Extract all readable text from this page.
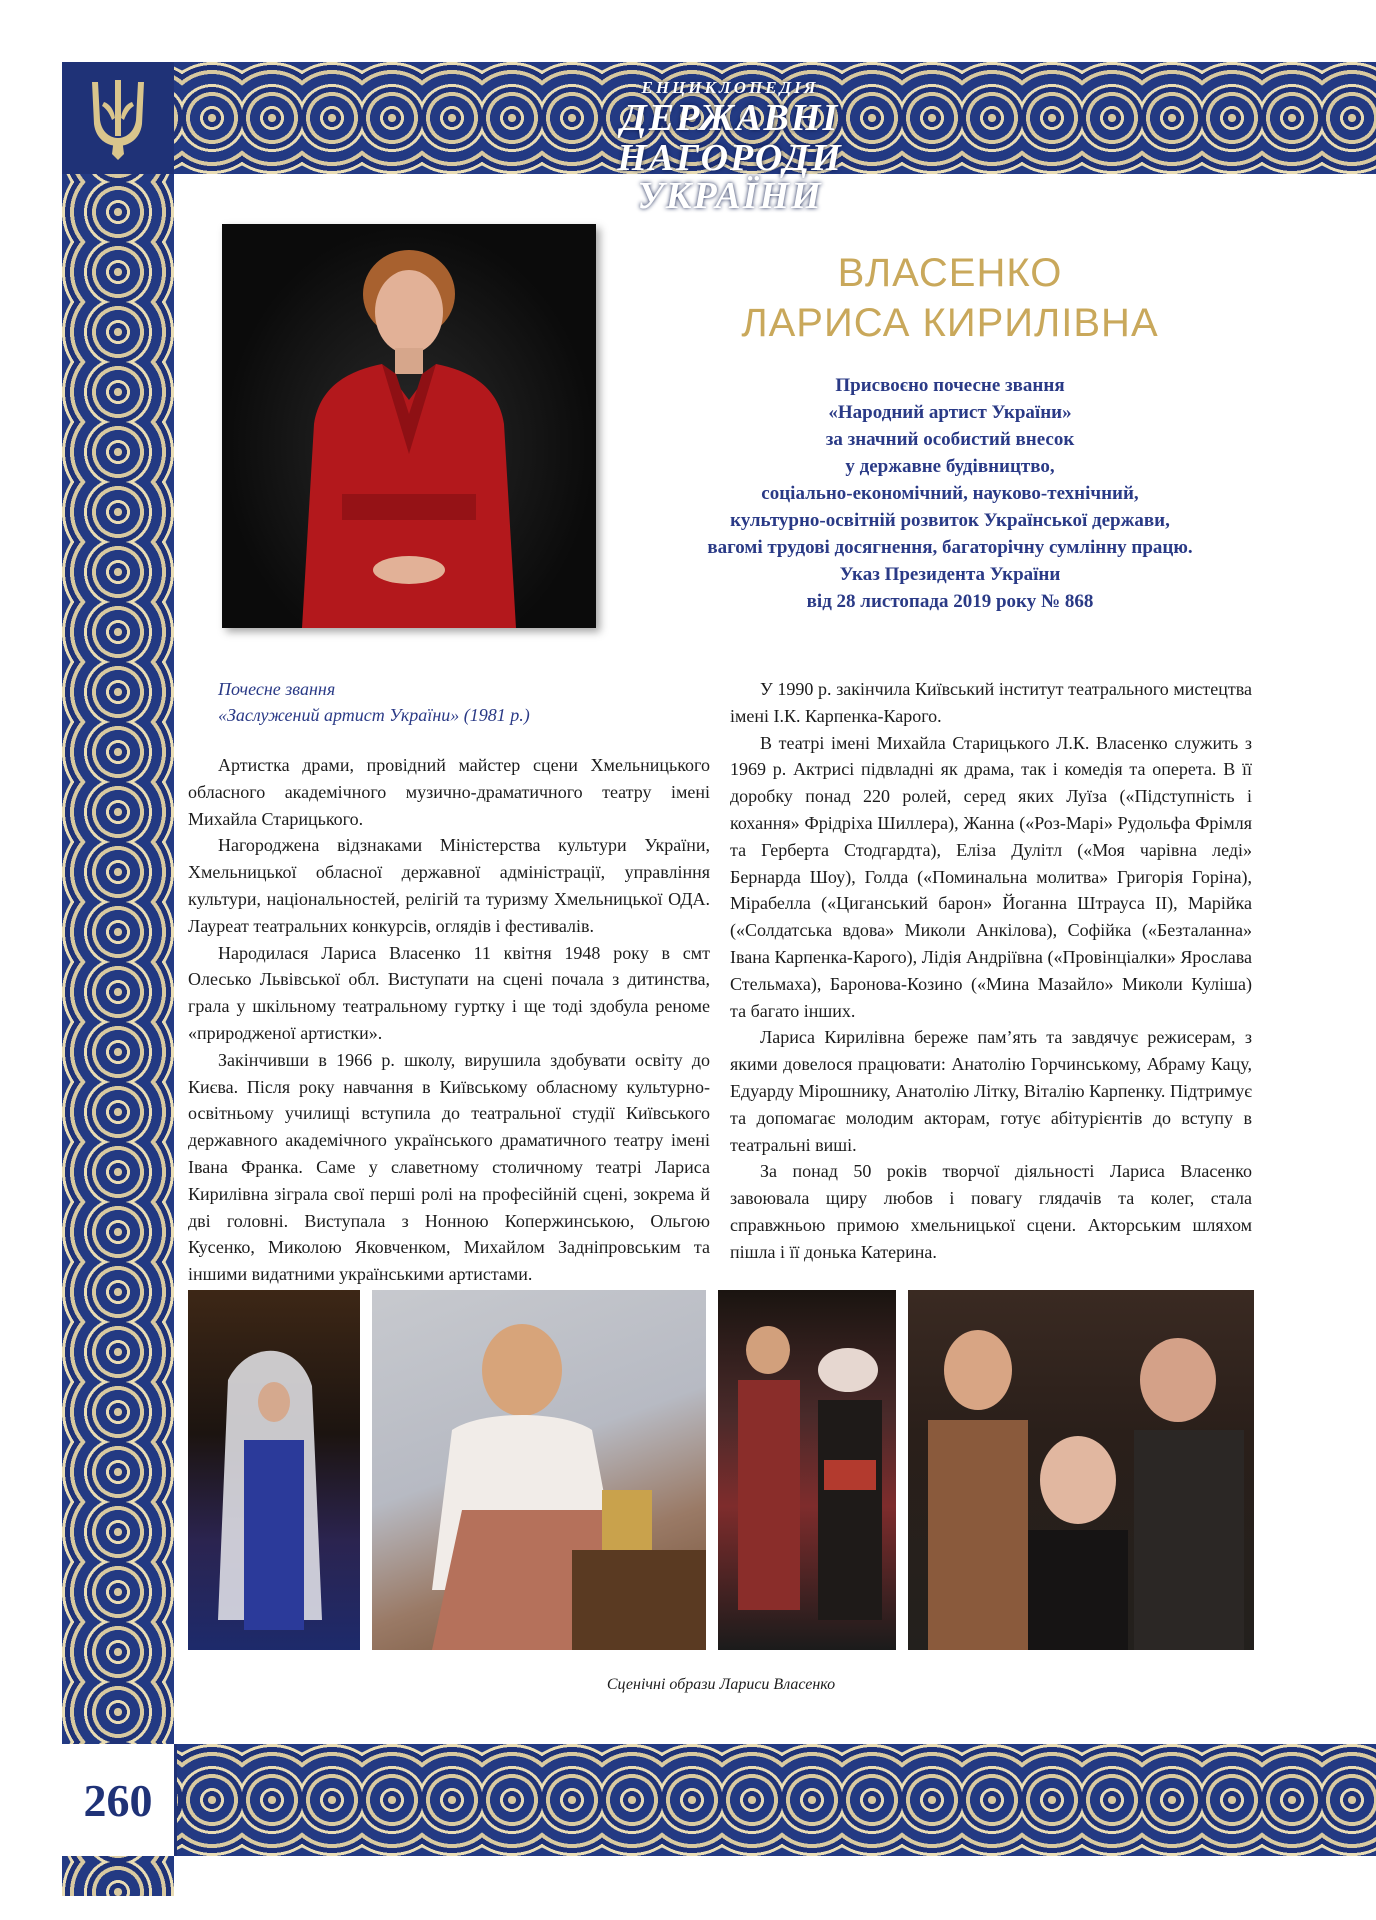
ЕНЦИКЛОПЕДІЯ
ДЕРЖАВНІ НАГОРОДИ
УКРАЇНИ
260
ВЛАСЕНКО
ЛАРИСА КИРИЛІВНА

Присвоєно почесне звання

«Народний артист України»

за значний особистий внесок

у державне будівництво,

соціально-економічний, науково-технічний,

культурно-освітній розвиток Української держави,

вагомі трудові досягнення, багаторічну сумлінну працю.

Указ Президента України

від 28 листопада 2019 року № 868

Почесне звання

«Заслужений артист України» (1981 р.)

Артистка драми, провідний майстер сцени Хмельницького обласного академічного музично-драматичного театру імені Михайла Старицького.

Нагороджена відзнаками Міністерства культури України, Хмельницької обласної державної адміністрації, управління культури, національностей, релігій та туризму Хмельницької ОДА. Лауреат театральних конкурсів, оглядів і фестивалів.

Народилася Лариса Власенко 11 квітня 1948 року в смт Олесько Львівської обл. Виступати на сцені почала з дитинства, грала у шкільному театральному гуртку і ще тоді здобула реноме «природженої артистки».

Закінчивши в 1966 р. школу, вирушила здобувати освіту до Києва. Після року навчання в Київському обласному культурно-освітньому училищі вступила до театральної студії Київського державного академічного українського драматичного театру імені Івана Франка. Саме у славетному столичному театрі Лариса Кирилівна зіграла свої перші ролі на професійній сцені, зокрема й дві головні. Виступала з Нонною Копержинською, Ольгою Кусенко, Миколою Яковченком, Михайлом Задніпровським та іншими видатними українськими артистами.

У 1990 р. закінчила Київський інститут театрального мистецтва імені І.К. Карпенка-Карого.

В театрі імені Михайла Старицького Л.К. Власенко служить з 1969 р. Актрисі підвладні як драма, так і комедія та оперета. В її доробку понад 220 ролей, серед яких Луїза («Підступність і кохання» Фрідріха Шиллера), Жанна («Роз-Марі» Рудольфа Фрімля та Герберта Стодгардта), Еліза Дулітл («Моя чарівна леді» Бернарда Шоу), Голда («Поминальна молитва» Григорія Горіна), Мірабелла («Циганський барон» Йоганна Штрауса ІІ), Марійка («Солдатська вдова» Миколи Анкілова), Софійка («Безталанна» Івана Карпенка-Карого), Лідія Андріївна («Провінціалки» Ярослава Стельмаха), Баронова-Козино («Мина Мазайло» Миколи Куліша) та багато інших.

Лариса Кирилівна береже пам’ять та завдячує режисерам, з якими довелося працювати: Анатолію Горчинському, Абраму Кацу, Едуарду Мірошнику, Анатолію Літку, Віталію Карпенку. Підтримує та допомагає молодим акторам, готує абітурієнтів до вступу в театральні виші.

За понад 50 років творчої діяльності Лариса Власенко завоювала щиру любов і повагу глядачів та колег, стала справжньою примою хмельницької сцени. Акторським шляхом пішла і її донька Катерина.

Сценічні образи Лариси Власенко
